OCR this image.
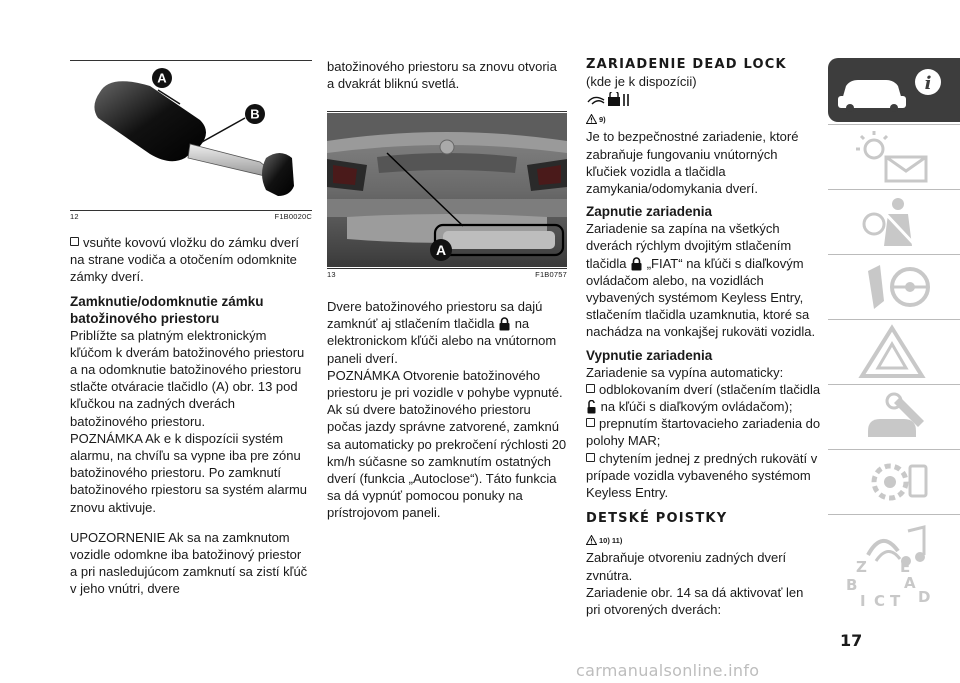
A
B
12	F1B0020C

vsuňte kovovú vložku do zámku dverí na strane vodiča a otočením odomknite zámky dverí.

Zamknutie/odomknutie zámku batožinového priestoru

Priblížte sa platným elektronickým kľúčom k dverám batožinového priestoru a na odomknutie batožinového priestoru stlačte otváracie tlačidlo (A) obr. 13 pod kľučkou na zadných dverách batožinového priestoru.

POZNÁMKA Ak e k dispozícii systém alarmu, na chvíľu sa vypne iba pre zónu batožinového priestoru. Po zamknutí batožinového rpiestoru sa systém alarmu znovu aktivuje.

UPOZORNENIE Ak sa na zamknutom vozidle odomkne iba batožinový priestor a pri nasledujúcom zamknutí sa zistí kľúč v jeho vnútri, dvere

batožinového priestoru sa znovu otvoria a dvakrát bliknú svetlá.

A
13	F1B0757

Dvere batožinového priestoru sa dajú zamknúť aj stlačením tlačidla na elektronickom kľúči alebo na vnútornom paneli dverí.

POZNÁMKA Otvorenie batožinového priestoru je pri vozidle v pohybe vypnuté.

Ak sú dvere batožinového priestoru počas jazdy správne zatvorené, zamknú sa automaticky po prekročení rýchlosti 20 km/h súčasne so zamknutím ostatných dverí (funkcia „Autoclose“). Táto funkcia sa dá vypnúť pomocou ponuky na prístrojovom paneli.

ZARIADENIE DEAD LOCK

(kde je k dispozícii)

9)

Je to bezpečnostné zariadenie, ktoré zabraňuje fungovaniu vnútorných kľučiek vozidla a tlačidla zamykania/odomykania dverí.

Zapnutie zariadenia

Zariadenie sa zapína na všetkých dverách rýchlym dvojitým stlačením

tlačidla „FIAT“ na kľúči s diaľkovým ovládačom alebo, na vozidlách vybavených systémom Keyless Entry, stlačením tlačidla uzamknutia, ktoré sa nachádza na vonkajšej rukoväti vozidla.

Vypnutie zariadenia

Zariadenie sa vypína automaticky:

odblokovaním dverí (stlačením tlačidla  na kľúči s diaľkovým ovládačom);

prepnutím štartovacieho zariadenia do polohy MAR;

chytením jednej z predných rukovätí v prípade vozidla vybaveného systémom Keyless Entry.

DETSKÉ POISTKY
10) 11)

Zabraňuje otvoreniu zadných dverí zvnútra.

Zariadenie obr. 14 sa dá aktivovať len pri otvorených dverách:

i
Z E
B	A
I C T D
17
carmanualsonline.info
